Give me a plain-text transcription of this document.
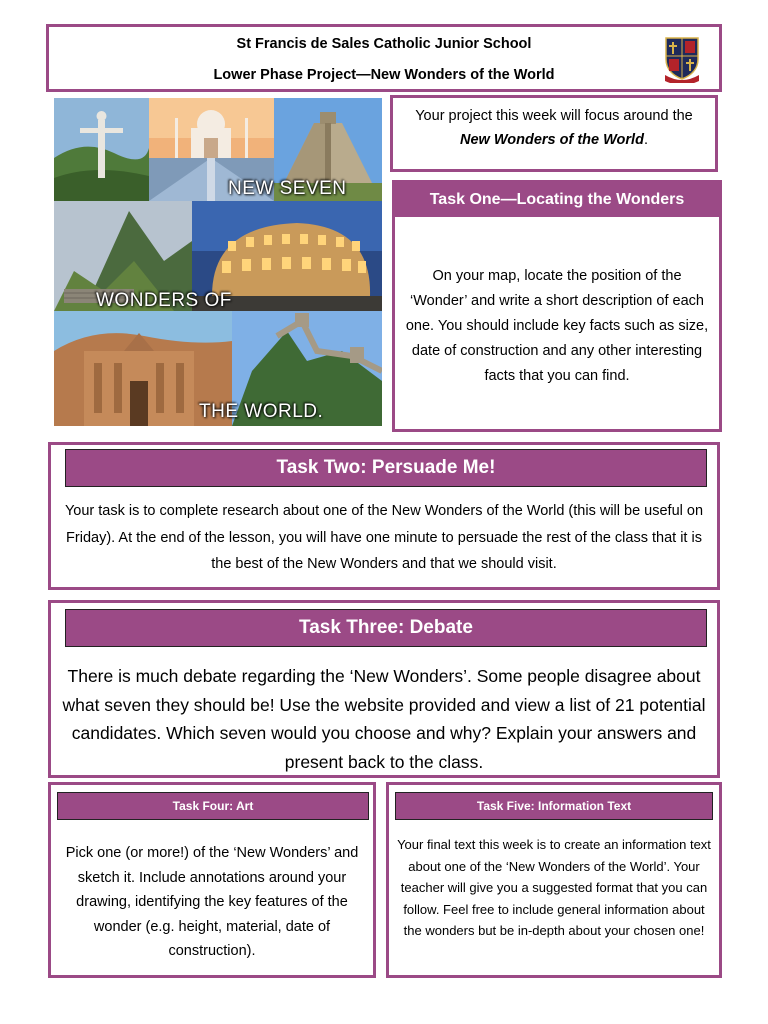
St Francis de Sales Catholic Junior School
Lower Phase Project—New Wonders of the World
NEW SEVEN
WONDERS OF
THE WORLD.

Your project this week will focus around the New Wonders of the World.

Task One—Locating the Wonders

On your map, locate the position of the ‘Wonder’ and write a short description of each one. You should include key facts such as size, date of construction and any other interesting facts that you can find.

Task Two: Persuade Me!

Your task is to complete research about one of the New Wonders of the World (this will be useful on Friday). At the end of the lesson, you will have one minute to persuade the rest of the class that it is the best of the New Wonders and that we should visit.

Task Three: Debate

There is much debate regarding the ‘New Wonders’. Some people disagree about what seven they should be! Use the website provided and view a list of 21 potential candidates. Which seven would you choose and why? Explain your answers and present back to the class.

Task Four: Art

Pick one (or more!) of the ‘New Wonders’ and sketch it. Include annotations around your drawing, identifying the key features of the wonder (e.g. height, material, date of construction).

Task Five: Information Text

Your final text this week is to create an information text about one of the ‘New Wonders of the World’. Your teacher will give you a suggested format that you can follow. Feel free to include general information about the wonders but be in-depth about your chosen one!
